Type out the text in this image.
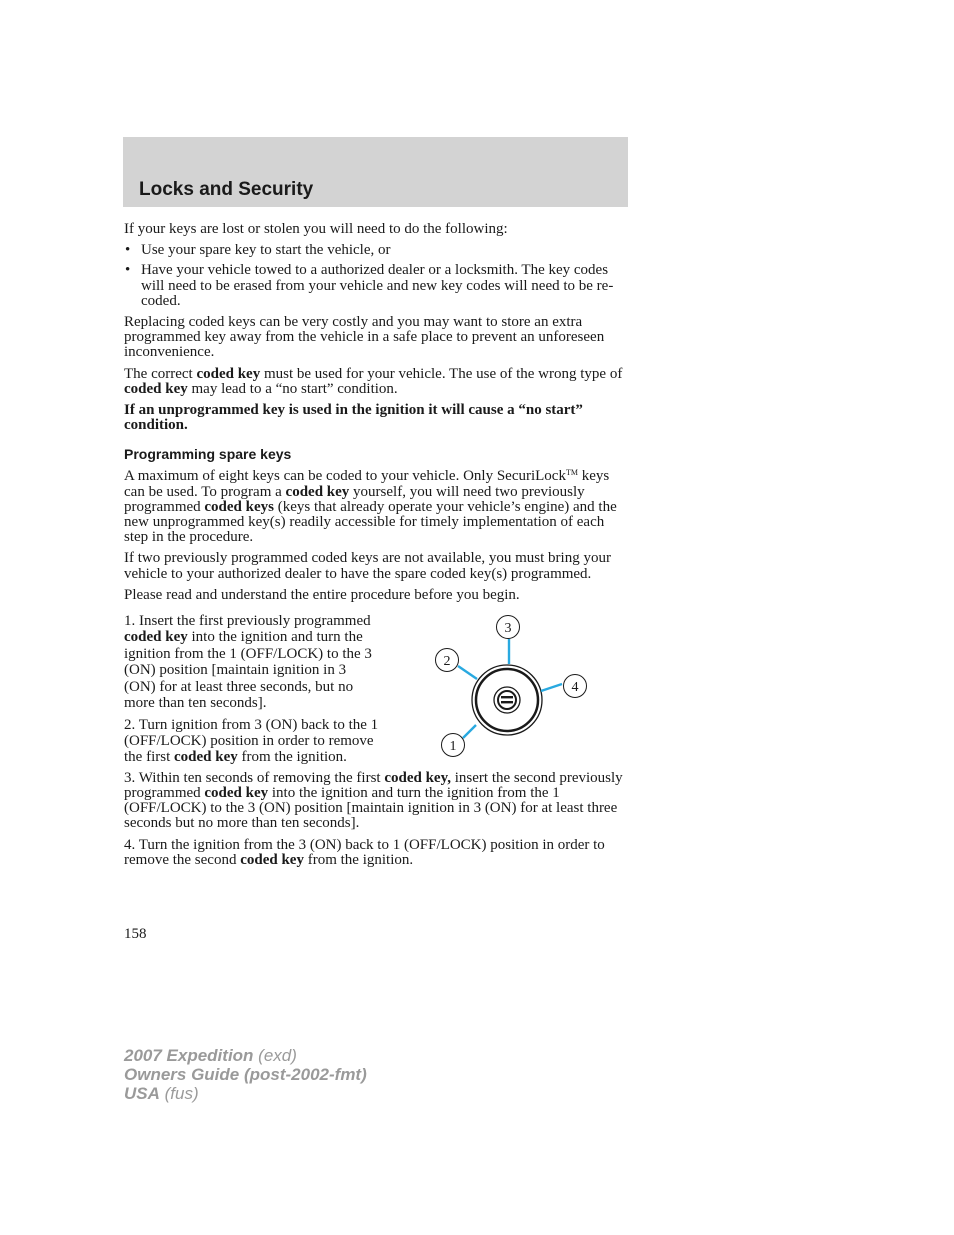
Locks and Security

If your keys are lost or stolen you will need to do the following:

• Use your spare key to start the vehicle, or
• Have your vehicle towed to a authorized dealer or a locksmith. The key codes will need to be erased from your vehicle and new key codes will need to be re-coded.

Replacing coded keys can be very costly and you may want to store an extra programmed key away from the vehicle in a safe place to prevent an unforeseen inconvenience.

The correct coded key must be used for your vehicle. The use of the wrong type of coded key may lead to a “no start” condition.

If an unprogrammed key is used in the ignition it will cause a “no start” condition.

Programming spare keys

A maximum of eight keys can be coded to your vehicle. Only SecuriLock™ keys can be used. To program a coded key yourself, you will need two previously programmed coded keys (keys that already operate your vehicle’s engine) and the new unprogrammed key(s) readily accessible for timely implementation of each step in the procedure.

If two previously programmed coded keys are not available, you must bring your vehicle to your authorized dealer to have the spare coded key(s) programmed.

Please read and understand the entire procedure before you begin.

1. Insert the first previously programmed coded key into the ignition and turn the ignition from the 1 (OFF/LOCK) to the 3 (ON) position [maintain ignition in 3 (ON) for at least three seconds, but no more than ten seconds].

2. Turn ignition from 3 (ON) back to the 1 (OFF/LOCK) position in order to remove the first coded key from the ignition.

3
2
4
1

3. Within ten seconds of removing the first coded key, insert the second previously programmed coded key into the ignition and turn the ignition from the 1 (OFF/LOCK) to the 3 (ON) position [maintain ignition in 3 (ON) for at least three seconds but no more than ten seconds].

4. Turn the ignition from the 3 (ON) back to 1 (OFF/LOCK) position in order to remove the second coded key from the ignition.

158
2007 Expedition (exd)
Owners Guide (post-2002-fmt)
USA (fus)
